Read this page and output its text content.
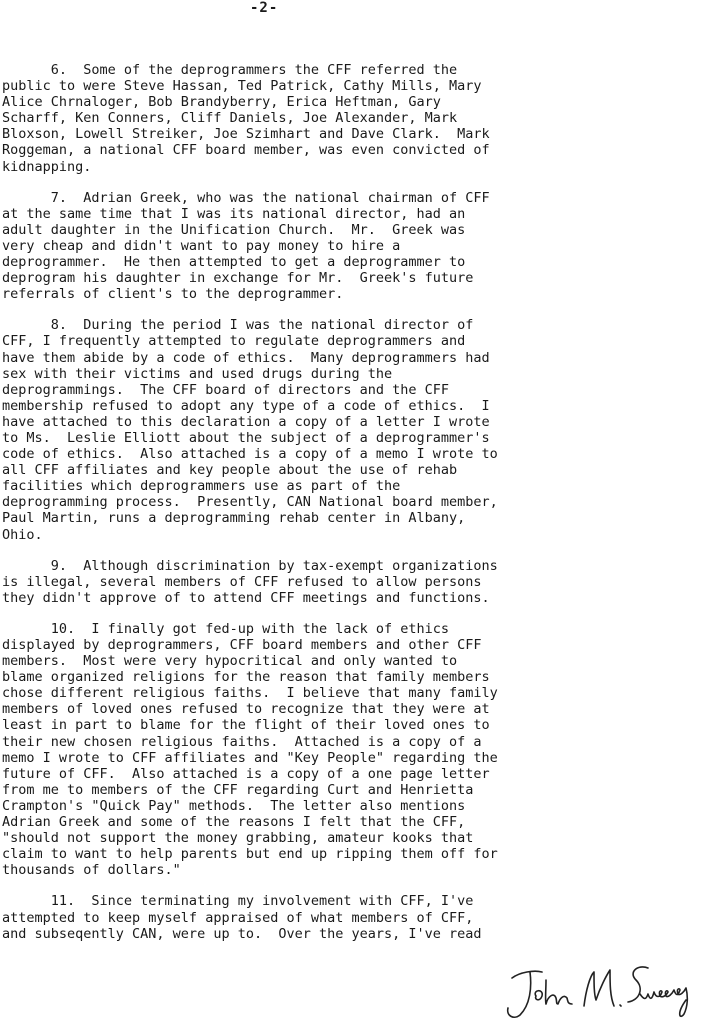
-2-
6.  Some of the deprogrammers the CFF referred the
public to were Steve Hassan, Ted Patrick, Cathy Mills, Mary
Alice Chrnaloger, Bob Brandyberry, Erica Heftman, Gary
Scharff, Ken Conners, Cliff Daniels, Joe Alexander, Mark
Bloxson, Lowell Streiker, Joe Szimhart and Dave Clark.  Mark
Roggeman, a national CFF board member, was even convicted of
kidnapping.
7.  Adrian Greek, who was the national chairman of CFF
at the same time that I was its national director, had an
adult daughter in the Unification Church.  Mr.  Greek was
very cheap and didn't want to pay money to hire a
deprogrammer.  He then attempted to get a deprogrammer to
deprogram his daughter in exchange for Mr.  Greek's future
referrals of client's to the deprogrammer.
8.  During the period I was the national director of
CFF, I frequently attempted to regulate deprogrammers and
have them abide by a code of ethics.  Many deprogrammers had
sex with their victims and used drugs during the
deprogrammings.  The CFF board of directors and the CFF
membership refused to adopt any type of a code of ethics.  I
have attached to this declaration a copy of a letter I wrote
to Ms.  Leslie Elliott about the subject of a deprogrammer's
code of ethics.  Also attached is a copy of a memo I wrote to
all CFF affiliates and key people about the use of rehab
facilities which deprogrammers use as part of the
deprogramming process.  Presently, CAN National board member,
Paul Martin, runs a deprogramming rehab center in Albany,
Ohio.
9.  Although discrimination by tax-exempt organizations
is illegal, several members of CFF refused to allow persons
they didn't approve of to attend CFF meetings and functions.
10.  I finally got fed-up with the lack of ethics
displayed by deprogrammers, CFF board members and other CFF
members.  Most were very hypocritical and only wanted to
blame organized religions for the reason that family members
chose different religious faiths.  I believe that many family
members of loved ones refused to recognize that they were at
least in part to blame for the flight of their loved ones to
their new chosen religious faiths.  Attached is a copy of a
memo I wrote to CFF affiliates and "Key People" regarding the
future of CFF.  Also attached is a copy of a one page letter
from me to members of the CFF regarding Curt and Henrietta
Crampton's "Quick Pay" methods.  The letter also mentions
Adrian Greek and some of the reasons I felt that the CFF,
"should not support the money grabbing, amateur kooks that
claim to want to help parents but end up ripping them off for
thousands of dollars."
11.  Since terminating my involvement with CFF, I've
attempted to keep myself appraised of what members of CFF,
and subseqently CAN, were up to.  Over the years, I've read
